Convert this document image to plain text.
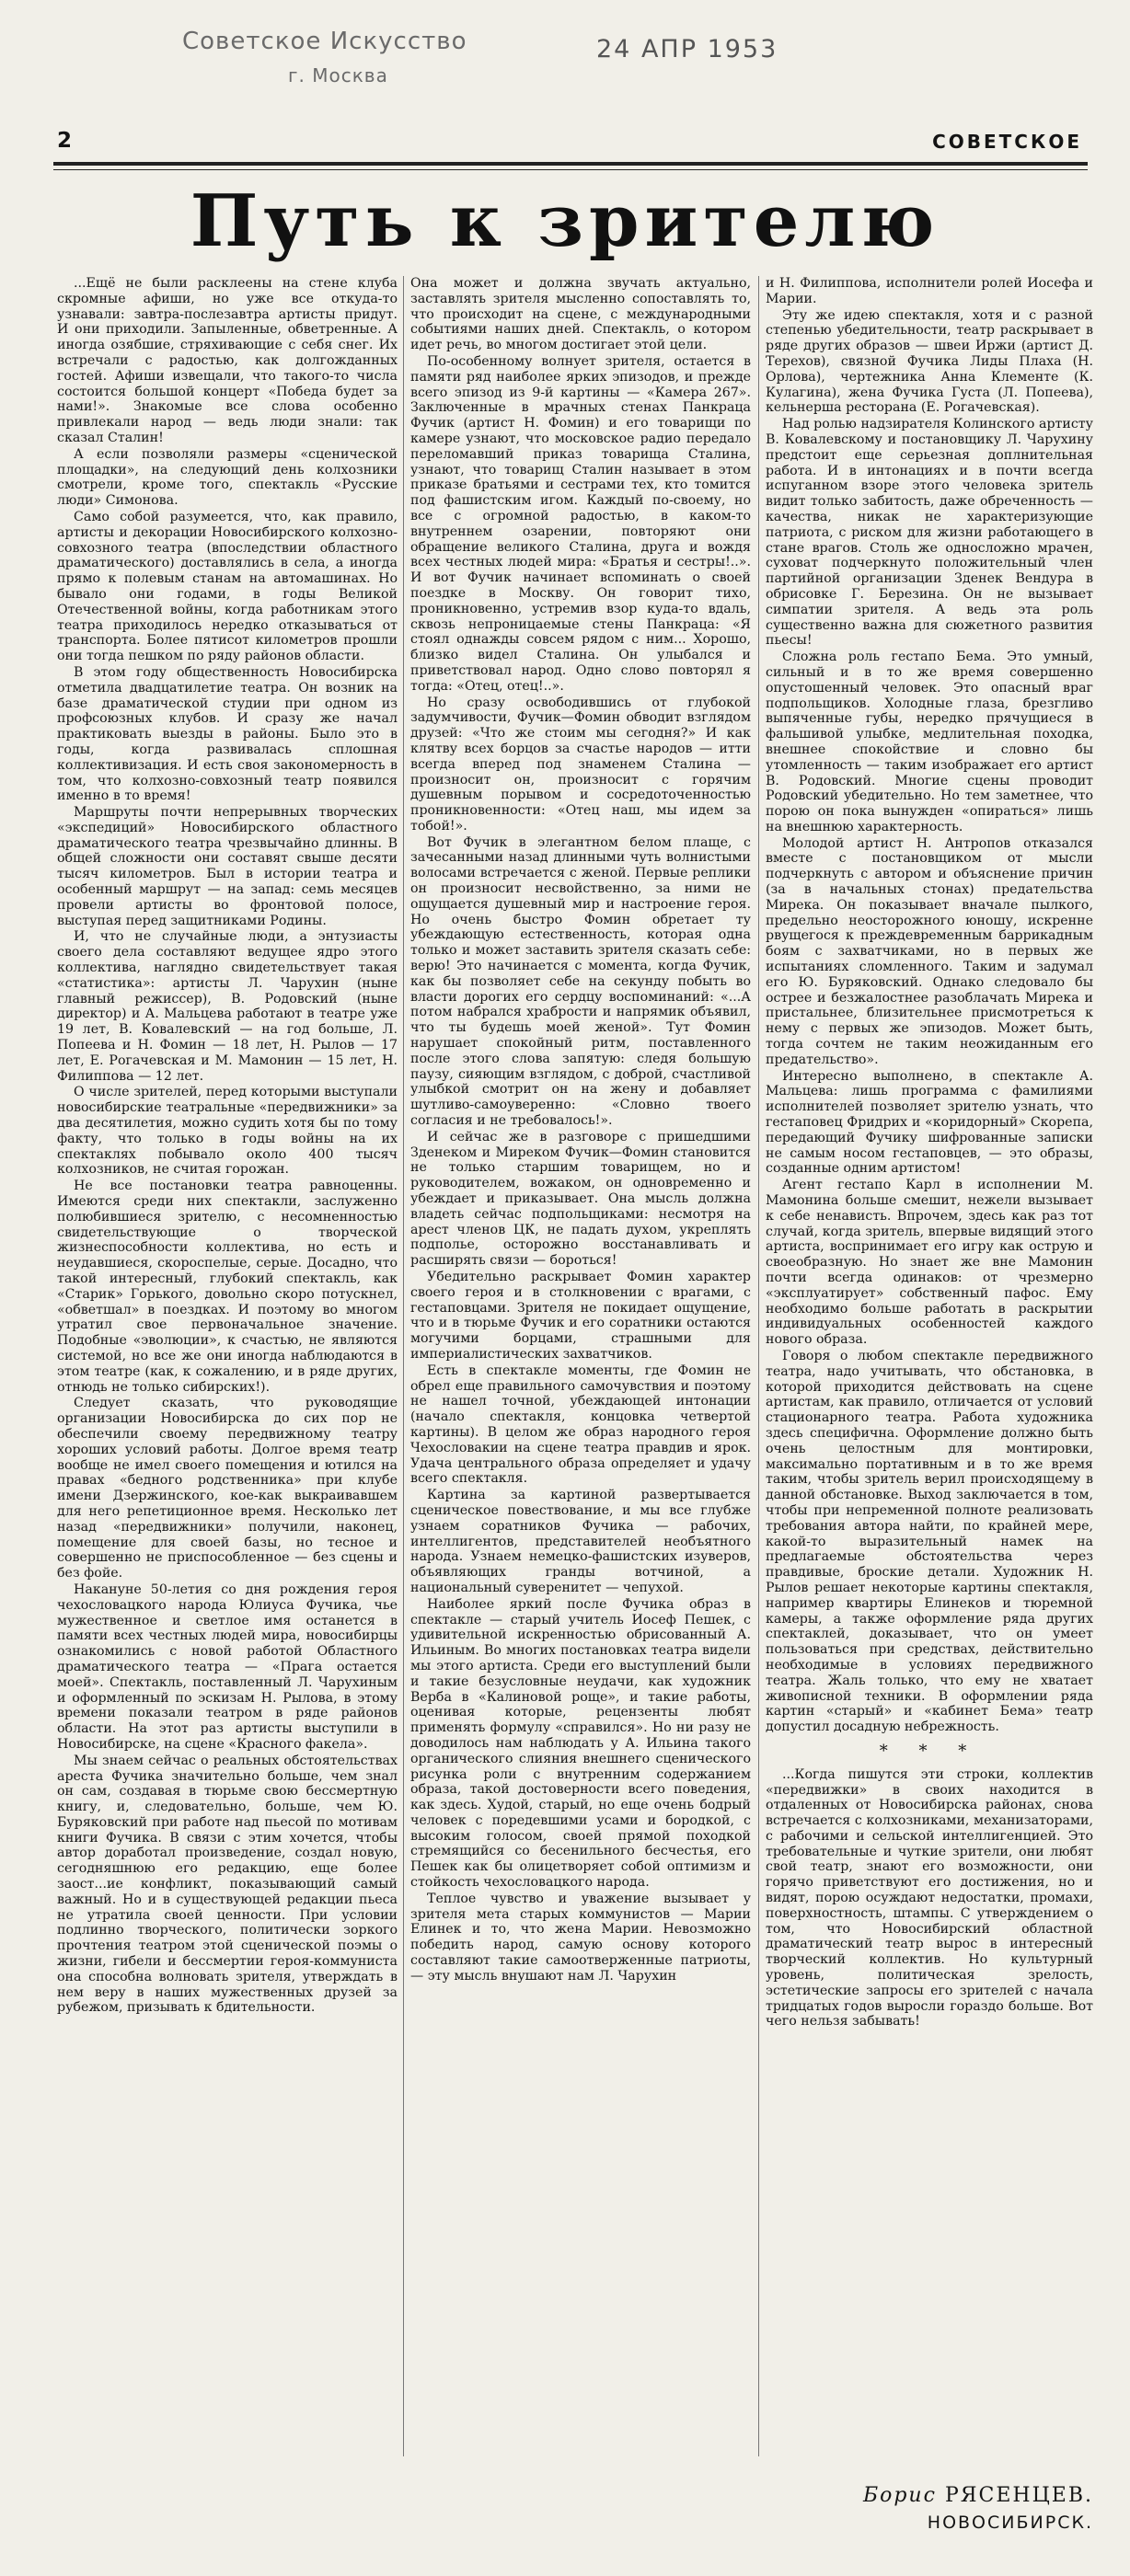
Советское Искусство
г. Москва
24 АПР 1953
2	СОВЕТСКОЕ
Путь к зрителю

...Ещё не были расклеены на стене клуба скромные афиши, но уже все откуда-то узнавали: завтра-послезавтра артисты придут. И они приходили. Запыленные, обветренные. А иногда озябшие, стряхивающие с себя снег. Их встречали с радостью, как долгожданных гостей. Афиши извещали, что такого-то числа состоится большой концерт «Победа будет за нами!». Знакомые все слова особенно привлекали народ — ведь люди знали: так сказал Сталин!

А если позволяли размеры «сценической площадки», на следующий день колхозники смотрели, кроме того, спектакль «Русские люди» Симонова.

Само собой разумеется, что, как правило, артисты и декорации Новосибирского колхозно-совхозного театра (впоследствии областного драматического) доставлялись в села, а иногда прямо к полевым станам на автомашинах. Но бывало они годами, в годы Великой Отечественной войны, когда работникам этого театра приходилось нередко отказываться от транспорта. Более пятисот километров прошли они тогда пешком по ряду районов области.

В этом году общественность Новосибирска отметила двадцатилетие театра. Он возник на базе драматической студии при одном из профсоюзных клубов. И сразу же начал практиковать выезды в районы. Было это в годы, когда развивалась сплошная коллективизация. И есть своя закономерность в том, что колхозно-совхозный театр появился именно в то время!

Маршруты почти непрерывных творческих «экспедиций» Новосибирского областного драматического театра чрезвычайно длинны. В общей сложности они составят свыше десяти тысяч километров. Был в истории театра и особенный маршрут — на запад: семь месяцев провели артисты во фронтовой полосе, выступая перед защитниками Родины.

И, что не случайные люди, а энтузиасты своего дела составляют ведущее ядро этого коллектива, наглядно свидетельствует такая «статистика»: артисты Л. Чарухин (ныне главный режиссер), В. Родовский (ныне директор) и А. Мальцева работают в театре уже 19 лет, В. Ковалевский — на год больше, Л. Попеева и Н. Фомин — 18 лет, Н. Рылов — 17 лет, Е. Рогачевская и М. Мамонин — 15 лет, Н. Филиппова — 12 лет.

О числе зрителей, перед которыми выступали новосибирские театральные «передвижники» за два десятилетия, можно судить хотя бы по тому факту, что только в годы войны на их спектаклях побывало около 400 тысяч колхозников, не считая горожан.

Не все постановки театра равноценны. Имеются среди них спектакли, заслуженно полюбившиеся зрителю, с несомненностью свидетельствующие о творческой жизнеспособности коллектива, но есть и неудавшиеся, скороспелые, серые. Досадно, что такой интересный, глубокий спектакль, как «Старик» Горького, довольно скоро потускнел, «обветшал» в поездках. И поэтому во многом утратил свое первоначальное значение. Подобные «эволюции», к счастью, не являются системой, но все же они иногда наблюдаются в этом театре (как, к сожалению, и в ряде других, отнюдь не только сибирских!).

Следует сказать, что руководящие организации Новосибирска до сих пор не обеспечили своему передвижному театру хороших условий работы. Долгое время театр вообще не имел своего помещения и ютился на правах «бедного родственника» при клубе имени Дзержинского, кое-как выкраивавшем для него репетиционное время. Несколько лет назад «передвижники» получили, наконец, помещение для своей базы, но тесное и совершенно не приспособленное — без сцены и без фойе.

Накануне 50-летия со дня рождения героя чехословацкого народа Юлиуса Фучика, чье мужественное и светлое имя останется в памяти всех честных людей мира, новосибирцы ознакомились с новой работой Областного драматического театра — «Прага остается моей». Спектакль, поставленный Л. Чарухиным и оформленный по эскизам Н. Рылова, в этому времени показали театром в ряде районов области. На этот раз артисты выступили в Новосибирске, на сцене «Красного факела».

Мы знаем сейчас о реальных обстоятельствах ареста Фучика значительно больше, чем знал он сам, создавая в тюрьме свою бессмертную книгу, и, следовательно, больше, чем Ю. Буряковский при работе над пьесой по мотивам книги Фучика. В связи с этим хочется, чтобы автор доработал произведение, создал новую, сегодняшнюю его редакцию, еще более заост...ие конфликт, показывающий самый важный. Но и в существующей редакции пьеса не утратила своей ценности. При условии подлинно творческого, политически зоркого прочтения театром этой сценической поэмы о жизни, гибели и бессмертии героя-коммуниста она способна волновать зрителя, утверждать в нем веру в наших мужественных друзей за рубежом, призывать к бдительности.

Она может и должна звучать актуально, заставлять зрителя мысленно сопоставлять то, что происходит на сцене, с международными событиями наших дней. Спектакль, о котором идет речь, во многом достигает этой цели.

По-особенному волнует зрителя, остается в памяти ряд наиболее ярких эпизодов, и прежде всего эпизод из 9-й картины — «Камера 267». Заключенные в мрачных стенах Панкраца Фучик (артист Н. Фомин) и его товарищи по камере узнают, что московское радио передало переломавший приказ товарища Сталина, узнают, что товарищ Сталин называет в этом приказе братьями и сестрами тех, кто томится под фашистским игом. Каждый по-своему, но все с огромной радостью, в каком-то внутреннем озарении, повторяют они обращение великого Сталина, друга и вождя всех честных людей мира: «Братья и сестры!..». И вот Фучик начинает вспоминать о своей поездке в Москву. Он говорит тихо, проникновенно, устремив взор куда-то вдаль, сквозь непроницаемые стены Панкраца: «Я стоял однажды совсем рядом с ним... Хорошо, близко видел Сталина. Он улыбался и приветствовал народ. Одно слово повторял я тогда: «Отец, отец!..».

Но сразу освободившись от глубокой задумчивости, Фучик—Фомин обводит взглядом друзей: «Что же стоим мы сегодня?» И как клятву всех борцов за счастье народов — итти всегда вперед под знаменем Сталина — произносит он, произносит с горячим душевным порывом и сосредоточенностью проникновенности: «Отец наш, мы идем за тобой!».

Вот Фучик в элегантном белом плаще, с зачесанными назад длинными чуть волнистыми волосами встречается с женой. Первые реплики он произносит несвойственно, за ними не ощущается душевный мир и настроение героя. Но очень быстро Фомин обретает ту убеждающую естественность, которая одна только и может заставить зрителя сказать себе: верю! Это начинается с момента, когда Фучик, как бы позволяет себе на секунду побыть во власти дорогих его сердцу воспоминаний: «...А потом набрался храбрости и напрямик объявил, что ты будешь моей женой». Тут Фомин нарушает спокойный ритм, поставленного после этого слова запятую: следя большую паузу, сияющим взглядом, с доброй, счастливой улыбкой смотрит он на жену и добавляет шутливо-самоуверенно: «Словно твоего согласия и не требовалось!».

И сейчас же в разговоре с пришедшими Зденеком и Миреком Фучик—Фомин становится не только старшим товарищем, но и руководителем, вожаком, он одновременно и убеждает и приказывает. Она мысль должна владеть сейчас подпольщиками: несмотря на арест членов ЦК, не падать духом, укреплять подполье, осторожно восстанавливать и расширять связи — бороться!

Убедительно раскрывает Фомин характер своего героя и в столкновении с врагами, с гестаповцами. Зрителя не покидает ощущение, что и в тюрьме Фучик и его соратники остаются могучими борцами, страшными для империалистических захватчиков.

Есть в спектакле моменты, где Фомин не обрел еще правильного самочувствия и поэтому не нашел точной, убеждающей интонации (начало спектакля, концовка четвертой картины). В целом же образ народного героя Чехословакии на сцене театра правдив и ярок. Удача центрального образа определяет и удачу всего спектакля.

Картина за картиной развертывается сценическое повествование, и мы все глубже узнаем соратников Фучика — рабочих, интеллигентов, представителей необъятного народа. Узнаем немецко-фашистских изуверов, объявляющих гранды вотчиной, а национальный суверенитет — чепухой.

Наиболее яркий после Фучика образ в спектакле — старый учитель Иосеф Пешек, с удивительной искренностью обрисованный А. Ильиным. Во многих постановках театра видели мы этого артиста. Среди его выступлений были и такие безусловные неудачи, как художник Верба в «Калиновой роще», и такие работы, оценивая которые, рецензенты любят применять формулу «справился». Но ни разу не доводилось нам наблюдать у А. Ильина такого органического слияния внешнего сценического рисунка роли с внутренним содержанием образа, такой достоверности всего поведения, как здесь. Худой, старый, но еще очень бодрый человек с поредевшими усами и бородкой, с высоким голосом, своей прямой походкой стремящийся со бесенильного бесчестья, его Пешек как бы олицетворяет собой оптимизм и стойкость чехословацкого народа.

Теплое чувство и уважение вызывает у зрителя мета старых коммунистов — Марии Елинек и то, что жена Марии. Невозможно победить народ, самую основу которого составляют такие самоотверженные патриоты, — эту мысль внушают нам Л. Чарухин

и Н. Филиппова, исполнители ролей Иосефа и Марии.

Эту же идею спектакля, хотя и с разной степенью убедительности, театр раскрывает в ряде других образов — швеи Иржи (артист Д. Терехов), связной Фучика Лиды Плаха (Н. Орлова), чертежника Анна Клементе (К. Кулагина), жена Фучика Густа (Л. Попеева), кельнерша ресторана (Е. Рогачевская).

Над ролью надзирателя Колинского артисту В. Ковалевскому и постановщику Л. Чарухину предстоит еще серьезная доплнительная работа. И в интонациях и в почти всегда испуганном взоре этого человека зритель видит только забитость, даже обреченность — качества, никак не характеризующие патриота, с риском для жизни работающего в стане врагов. Столь же односложно мрачен, суховат подчеркнуто положительный член партийной организации Зденек Вендура в обрисовке Г. Березина. Он не вызывает симпатии зрителя. А ведь эта роль существенно важна для сюжетного развития пьесы!

Сложна роль гестапо Бема. Это умный, сильный и в то же время совершенно опустошенный человек. Это опасный враг подпольщиков. Холодные глаза, брезгливо выпяченные губы, нередко прячущиеся в фальшивой улыбке, медлительная походка, внешнее спокойствие и словно бы утомленность — таким изображает его артист В. Родовский. Многие сцены проводит Родовский убедительно. Но тем заметнее, что порою он пока вынужден «опираться» лишь на внешнюю характерность.

Молодой артист Н. Антропов отказался вместе с постановщиком от мысли подчеркнуть с автором и объяснение причин (за в начальных стонах) предательства Мирека. Он показывает вначале пылкого, предельно неосторожного юношу, искренне рвущегося к преждевременным баррикадным боям с захватчиками, но в первых же испытаниях сломленного. Таким и задумал его Ю. Буряковский. Однако следовало бы острее и безжалостнее разоблачать Мирека и пристальнее, близительнее присмотреться к нему с первых же эпизодов. Может быть, тогда сочтем не таким неожиданным его предательство».

Интересно выполнено, в спектакле А. Мальцева: лишь программа с фамилиями исполнителей позволяет зрителю узнать, что гестаповец Фридрих и «коридорный» Скорепа, передающий Фучику шифрованные записки не самым носом гестаповцев, — это образы, созданные одним артистом!

Агент гестапо Карл в исполнении М. Мамонина больше смешит, нежели вызывает к себе ненависть. Впрочем, здесь как раз тот случай, когда зритель, впервые видящий этого артиста, воспринимает его игру как острую и своеобразную. Но знает же вне Мамонин почти всегда одинаков: от чрезмерно «эксплуатирует» собственный пафос. Ему необходимо больше работать в раскрытии индивидуальных особенностей каждого нового образа.

Говоря о любом спектакле передвижного театра, надо учитывать, что обстановка, в которой приходится действовать на сцене артистам, как правило, отличается от условий стационарного театра. Работа художника здесь специфична. Оформление должно быть очень целостным для монтировки, максимально портативным и в то же время таким, чтобы зритель верил происходящему в данной обстановке. Выход заключается в том, чтобы при непременной полноте реализовать требования автора найти, по крайней мере, какой-то выразительный намек на предлагаемые обстоятельства через правдивые, броские детали. Художник Н. Рылов решает некоторые картины спектакля, например квартиры Елинеков и тюремной камеры, а также оформление ряда других спектаклей, доказывает, что он умеет пользоваться при средствах, действительно необходимые в условиях передвижного театра. Жаль только, что ему не хватает живописной техники. В оформлении ряда картин «старый» и «кабинет Бема» театр допустил досадную небрежность.

* * *

...Когда пишутся эти строки, коллектив «передвижки» в своих находится в отдаленных от Новосибирска районах, снова встречается с колхозниками, механизаторами, с рабочими и сельской интеллигенцией. Это требовательные и чуткие зрители, они любят свой театр, знают его возможности, они горячо приветствуют его достижения, но и видят, порою осуждают недостатки, промахи, поверхностность, штампы. С утверждением о том, что Новосибирский областной драматический театр вырос в интересный творческий коллектив. Но культурный уровень, политическая зрелость, эстетические запросы его зрителей с начала тридцатых годов выросли гораздо больше. Вот чего нельзя забывать!

Борис РЯСЕНЦЕВ.
НОВОСИБИРСК.
